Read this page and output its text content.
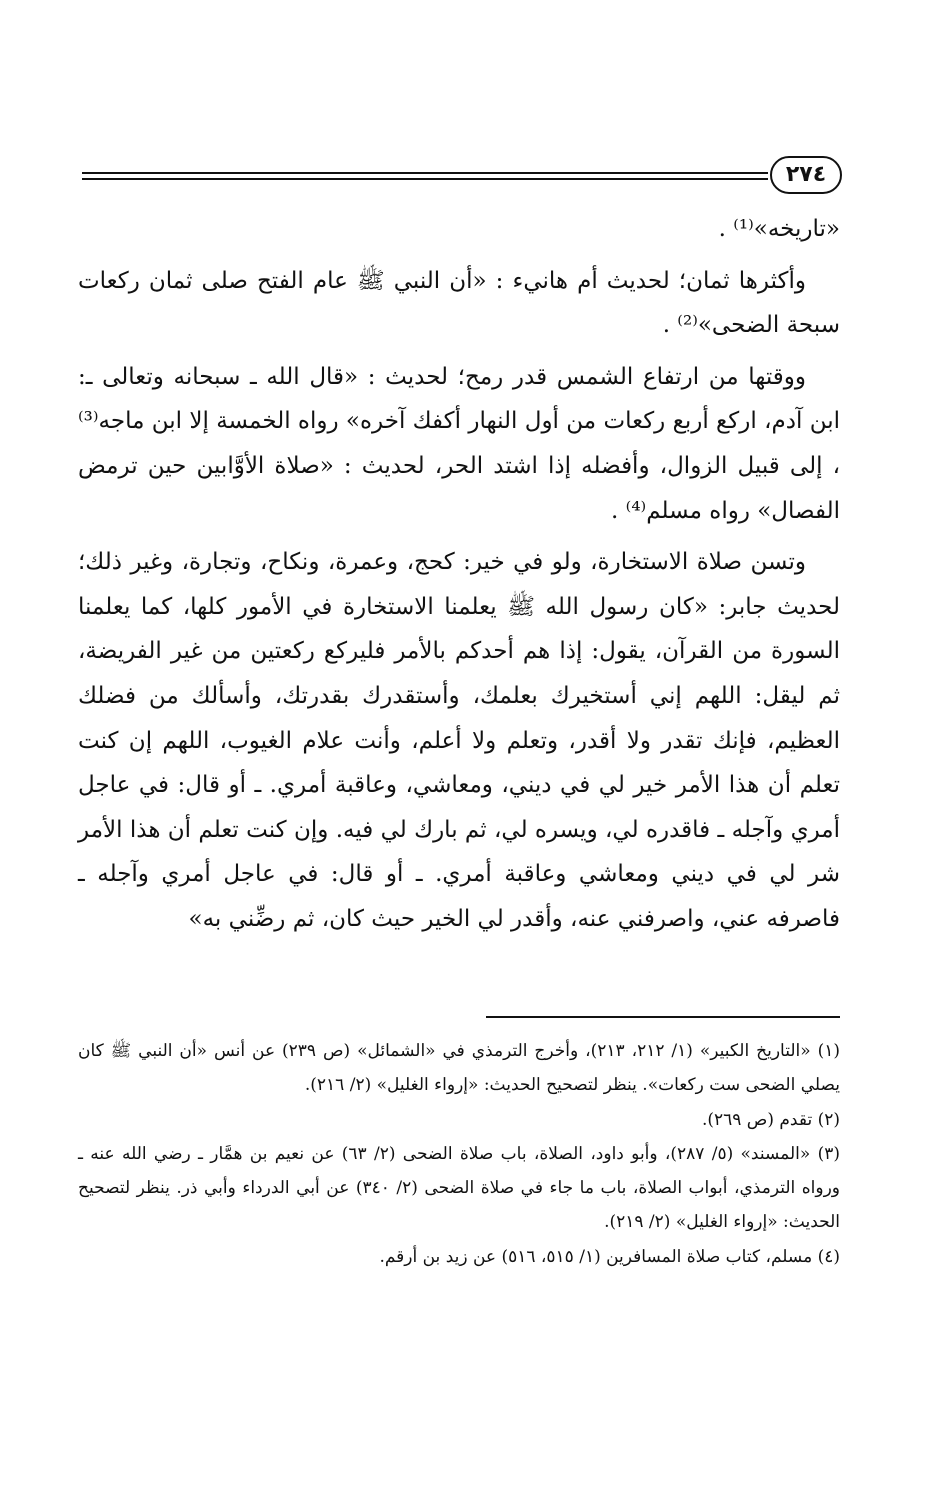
٢٧٤

«تاريخه»⁽¹⁾ .

وأكثرها ثمان؛ لحديث أم هانيء : «أن النبي ﷺ عام الفتح صلى ثمان ركعات سبحة الضحى»⁽²⁾ .

ووقتها من ارتفاع الشمس قدر رمح؛ لحديث : «قال الله ـ سبحانه وتعالى ـ: ابن آدم، اركع أربع ركعات من أول النهار أكفك آخره» رواه الخمسة إلا ابن ماجه⁽³⁾ ، إلى قبيل الزوال، وأفضله إذا اشتد الحر، لحديث : «صلاة الأوَّابين حين ترمض الفصال» رواه مسلم⁽⁴⁾ .

وتسن صلاة الاستخارة، ولو في خير: كحج، وعمرة، ونكاح، وتجارة، وغير ذلك؛ لحديث جابر: «كان رسول الله ﷺ يعلمنا الاستخارة في الأمور كلها، كما يعلمنا السورة من القرآن، يقول: إذا هم أحدكم بالأمر فليركع ركعتين من غير الفريضة، ثم ليقل: اللهم إني أستخيرك بعلمك، وأستقدرك بقدرتك، وأسألك من فضلك العظيم، فإنك تقدر ولا أقدر، وتعلم ولا أعلم، وأنت علام الغيوب، اللهم إن كنت تعلم أن هذا الأمر خير لي في ديني، ومعاشي، وعاقبة أمري. ـ أو قال: في عاجل أمري وآجله ـ فاقدره لي، ويسره لي، ثم بارك لي فيه. وإن كنت تعلم أن هذا الأمر شر لي في ديني ومعاشي وعاقبة أمري. ـ أو قال: في عاجل أمري وآجله ـ فاصرفه عني، واصرفني عنه، وأقدر لي الخير حيث كان، ثم رضِّني به»

(١) «التاريخ الكبير» (١/ ٢١٢، ٢١٣)، وأخرج الترمذي في «الشمائل» (ص ٢٣٩) عن أنس «أن النبي ﷺ كان يصلي الضحى ست ركعات». ينظر لتصحيح الحديث: «إرواء الغليل» (٢/ ٢١٦).

(٢) تقدم (ص ٢٦٩).

(٣) «المسند» (٥/ ٢٨٧)، وأبو داود، الصلاة، باب صلاة الضحى (٢/ ٦٣) عن نعيم بن همَّار ـ رضي الله عنه ـ ورواه الترمذي، أبواب الصلاة، باب ما جاء في صلاة الضحى (٢/ ٣٤٠) عن أبي الدرداء وأبي ذر. ينظر لتصحيح الحديث: «إرواء الغليل» (٢/ ٢١٩).

(٤) مسلم، كتاب صلاة المسافرين (١/ ٥١٥، ٥١٦) عن زيد بن أرقم.
